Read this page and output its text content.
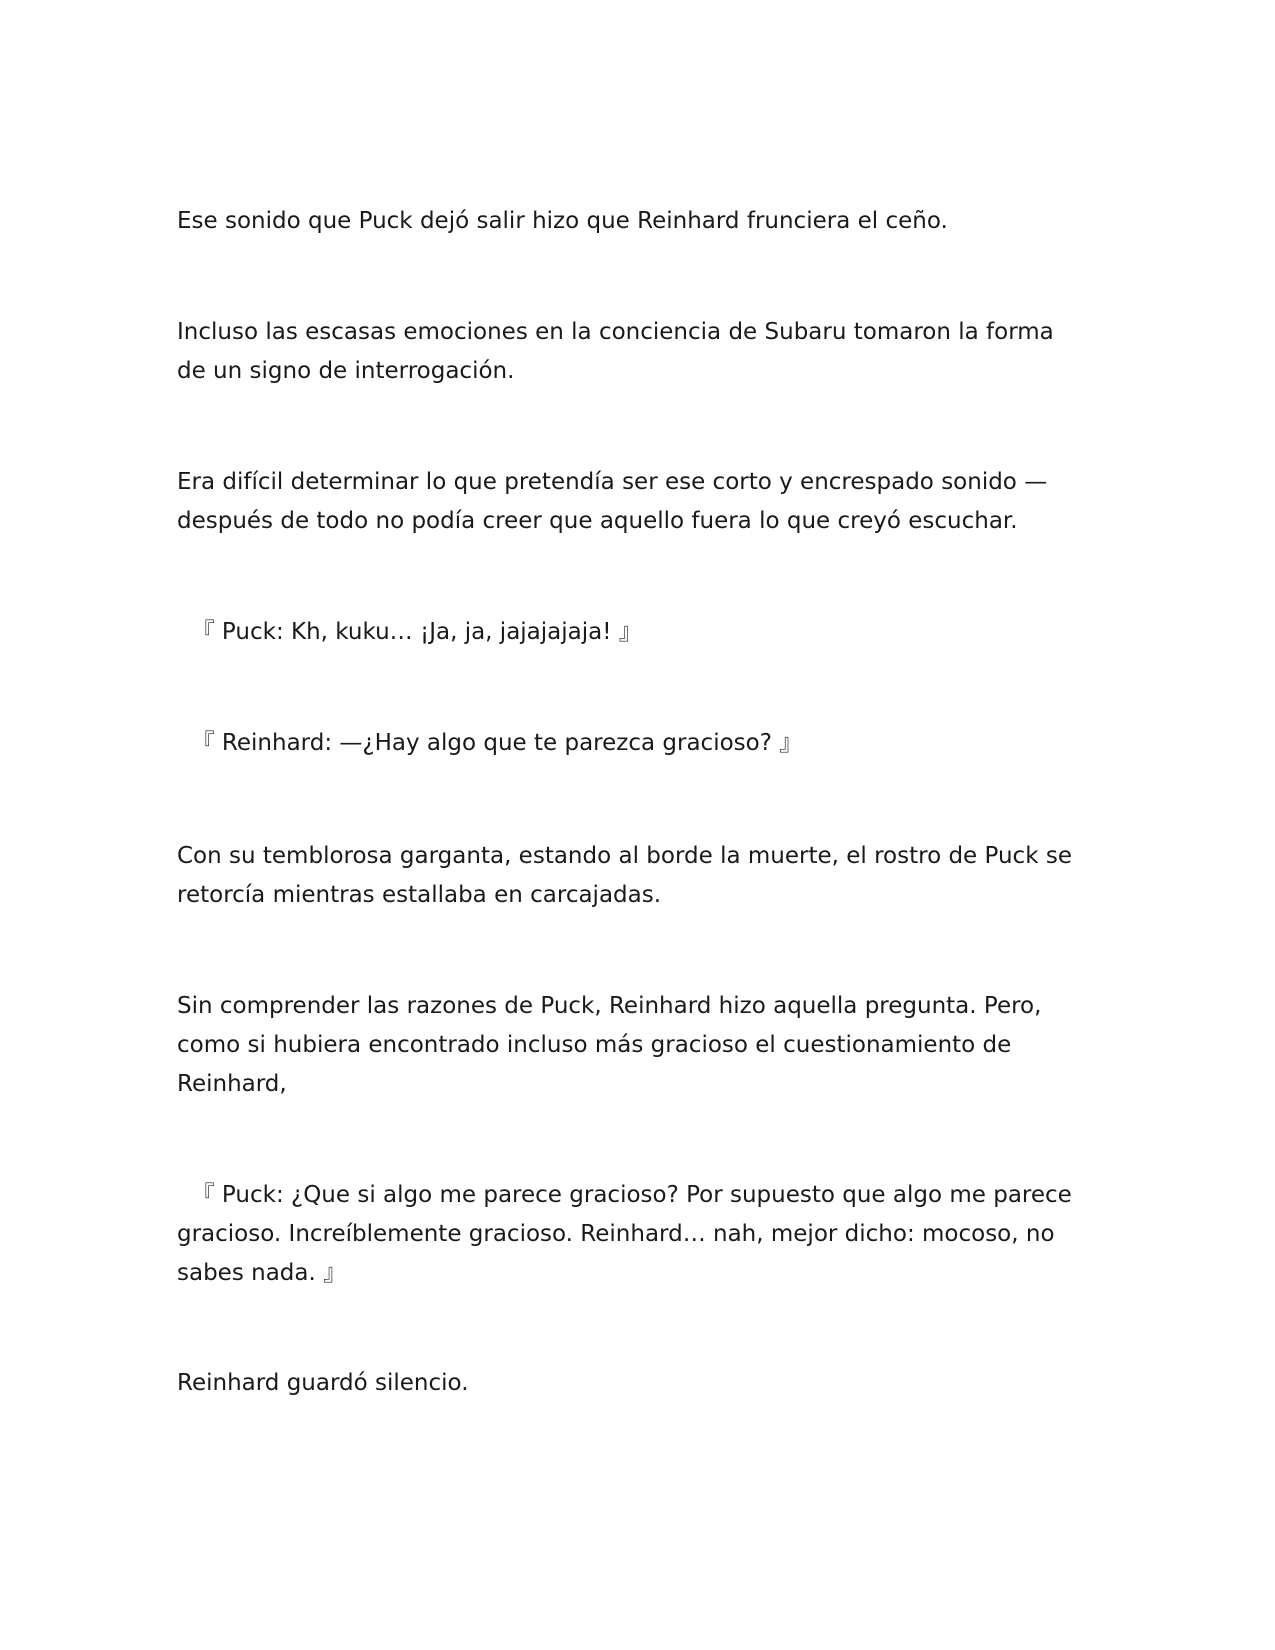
Ese sonido que Puck dejó salir hizo que Reinhard frunciera el ceño.

Incluso las escasas emociones en la conciencia de Subaru tomaron la forma
de un signo de interrogación.

Era difícil determinar lo que pretendía ser ese corto y encrespado sonido —
después de todo no podía creer que aquello fuera lo que creyó escuchar.

『 Puck: Kh, kuku… ¡Ja, ja, jajajajaja! 』

『 Reinhard: —¿Hay algo que te parezca gracioso? 』

Con su temblorosa garganta, estando al borde la muerte, el rostro de Puck se
retorcía mientras estallaba en carcajadas.

Sin comprender las razones de Puck, Reinhard hizo aquella pregunta. Pero,
como si hubiera encontrado incluso más gracioso el cuestionamiento de
Reinhard,

『 Puck: ¿Que si algo me parece gracioso? Por supuesto que algo me parece
gracioso. Increíblemente gracioso. Reinhard… nah, mejor dicho: mocoso, no
sabes nada. 』

Reinhard guardó silencio.
